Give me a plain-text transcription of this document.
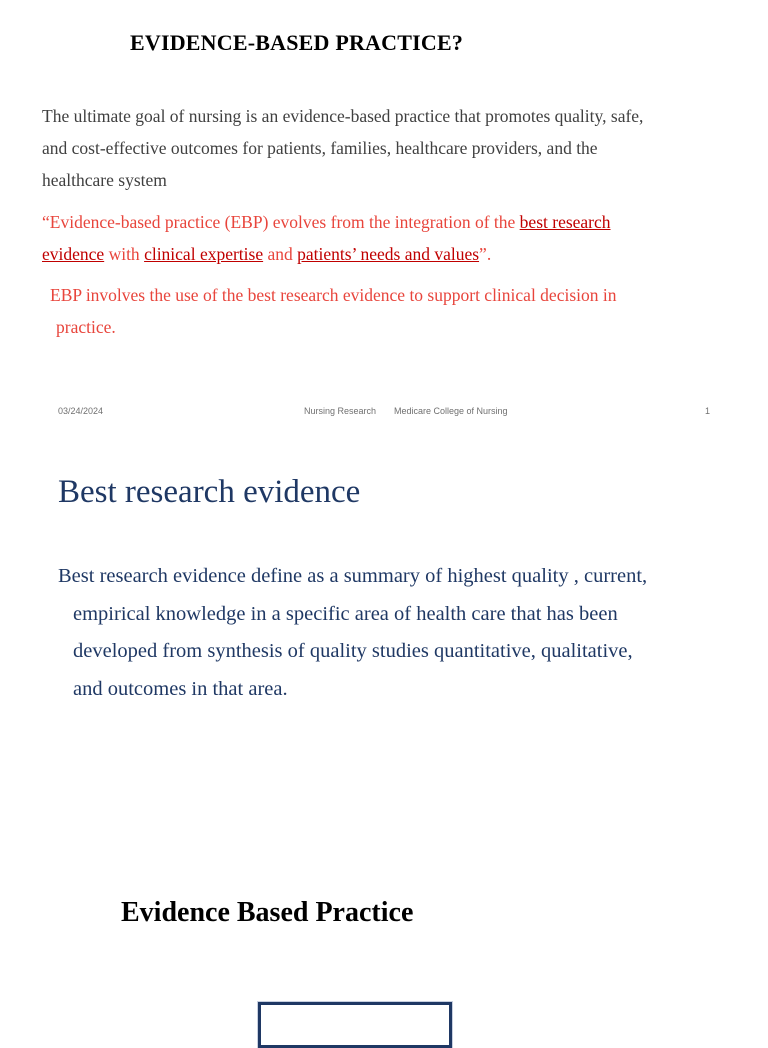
EVIDENCE-BASED PRACTICE?
The ultimate goal of nursing is an evidence-based practice that promotes quality, safe,
and cost-effective outcomes for patients, families, healthcare providers, and the
healthcare system
“Evidence-based practice (EBP) evolves from the integration of the best research
evidence with clinical expertise and patients’ needs and values”.
EBP involves the use of the best research evidence to support clinical decision in
practice.
03/24/2024	Nursing Research Medicare College of Nursing	1
Best research evidence
Best research evidence define as a summary of highest quality , current,
empirical knowledge in a specific area of health care that has been
developed from synthesis of quality studies quantitative, qualitative,
and outcomes in that area.
Evidence Based Practice
